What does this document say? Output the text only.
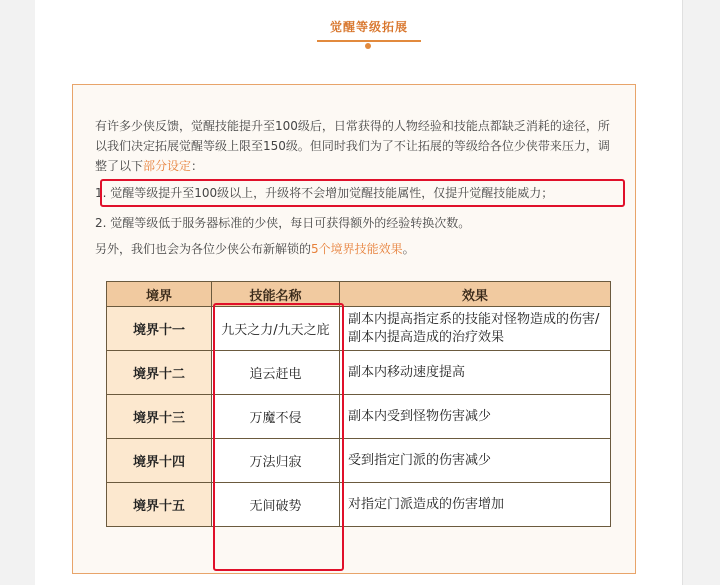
觉醒等级拓展
有许多少侠反馈，觉醒技能提升至100级后，日常获得的人物经验和技能点都缺乏消耗的途径，所以我们决定拓展觉醒等级上限至150级。但同时我们为了不让拓展的等级给各位少侠带来压力，调整了以下部分设定：
1. 觉醒等级提升至100级以上，升级将不会增加觉醒技能属性，仅提升觉醒技能威力；
2. 觉醒等级低于服务器标准的少侠，每日可获得额外的经验转换次数。
另外，我们也会为各位少侠公布新解锁的5个境界技能效果。
境界	技能名称	效果
境界十一	九天之力/九天之庇	副本内提高指定系的技能对怪物造成的伤害/副本内提高造成的治疗效果
境界十二	追云赶电	副本内移动速度提高
境界十三	万魔不侵	副本内受到怪物伤害减少
境界十四	万法归寂	受到指定门派的伤害减少
境界十五	无间破势	对指定门派造成的伤害增加
